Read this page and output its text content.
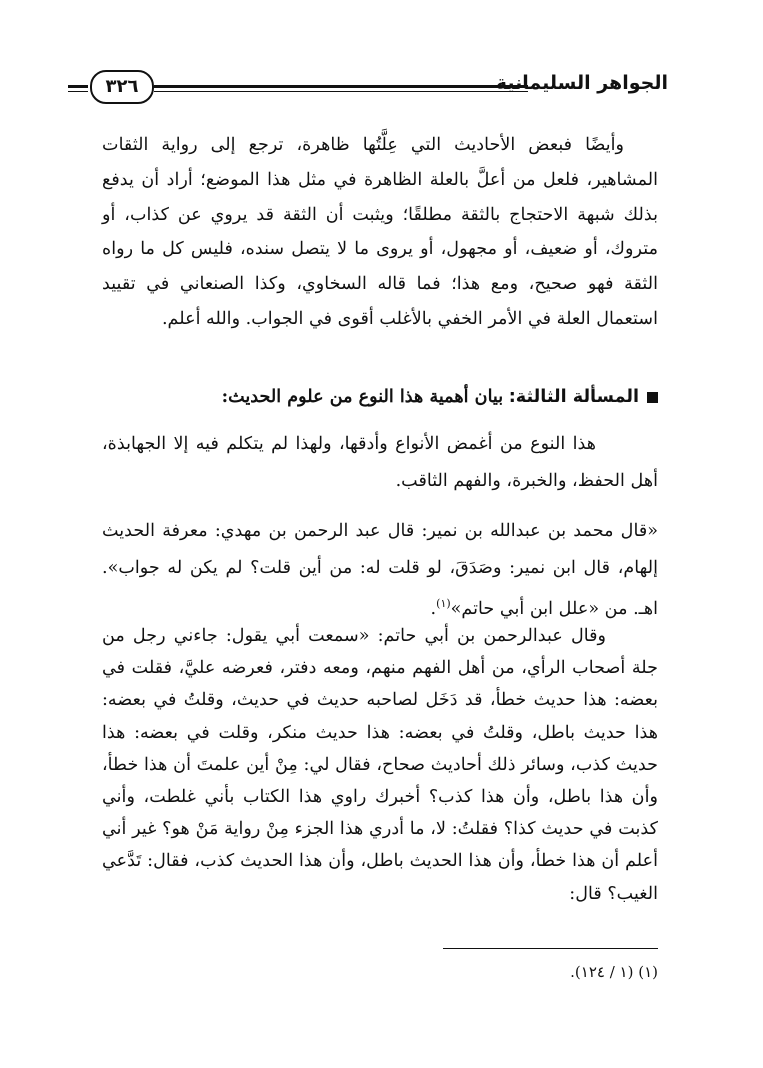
٣٢٦	الجواهر السليمانية

وأيضًا فبعض الأحاديث التي عِلَّتُها ظاهرة، ترجع إلى رواية الثقات المشاهير، فلعل من أعلَّ بالعلة الظاهرة في مثل هذا الموضع؛ أراد أن يدفع بذلك شبهة الاحتجاج بالثقة مطلقًا؛ ويثبت أن الثقة قد يروي عن كذاب، أو متروك، أو ضعيف، أو مجهول، أو يروى ما لا يتصل سنده، فليس كل ما رواه الثقة فهو صحيح، ومع هذا؛ فما قاله السخاوي، وكذا الصنعاني في تقييد استعمال العلة في الأمر الخفي بالأغلب أقوى في الجواب. والله أعلم.

المسألة الثالثة: بيان أهمية هذا النوع من علوم الحديث:

هذا النوع من أغمض الأنواع وأدقها، ولهذا لم يتكلم فيه إلا الجهابذة، أهل الحفظ، والخبرة، والفهم الثاقب.

«قال محمد بن عبدالله بن نمير: قال عبد الرحمن بن مهدي: معرفة الحديث إلهام، قال ابن نمير: وصَدَقَ، لو قلت له: من أين قلت؟ لم يكن له جواب». اهـ. من «علل ابن أبي حاتم»$^{(١)}$.

وقال عبدالرحمن بن أبي حاتم: «سمعت أبي يقول: جاءني رجل من جلة أصحاب الرأي، من أهل الفهم منهم، ومعه دفتر، فعرضه عليَّ، فقلت في بعضه: هذا حديث خطأ، قد دَخَل لصاحبه حديث في حديث، وقلتُ في بعضه: هذا حديث باطل، وقلتُ في بعضه: هذا حديث منكر، وقلت في بعضه: هذا حديث كذب، وسائر ذلك أحاديث صحاح، فقال لي: مِنْ أين علمتَ أن هذا خطأ، وأن هذا باطل، وأن هذا كذب؟ أخبرك راوي هذا الكتاب بأني غلطت، وأني كذبت في حديث كذا؟ فقلتُ: لا، ما أدري هذا الجزء مِنْ رواية مَنْ هو؟ غير أني أعلم أن هذا خطأ، وأن هذا الحديث باطل، وأن هذا الحديث كذب، فقال: تَدَّعي الغيب؟ قال:

(١) (١ / ١٢٤).
